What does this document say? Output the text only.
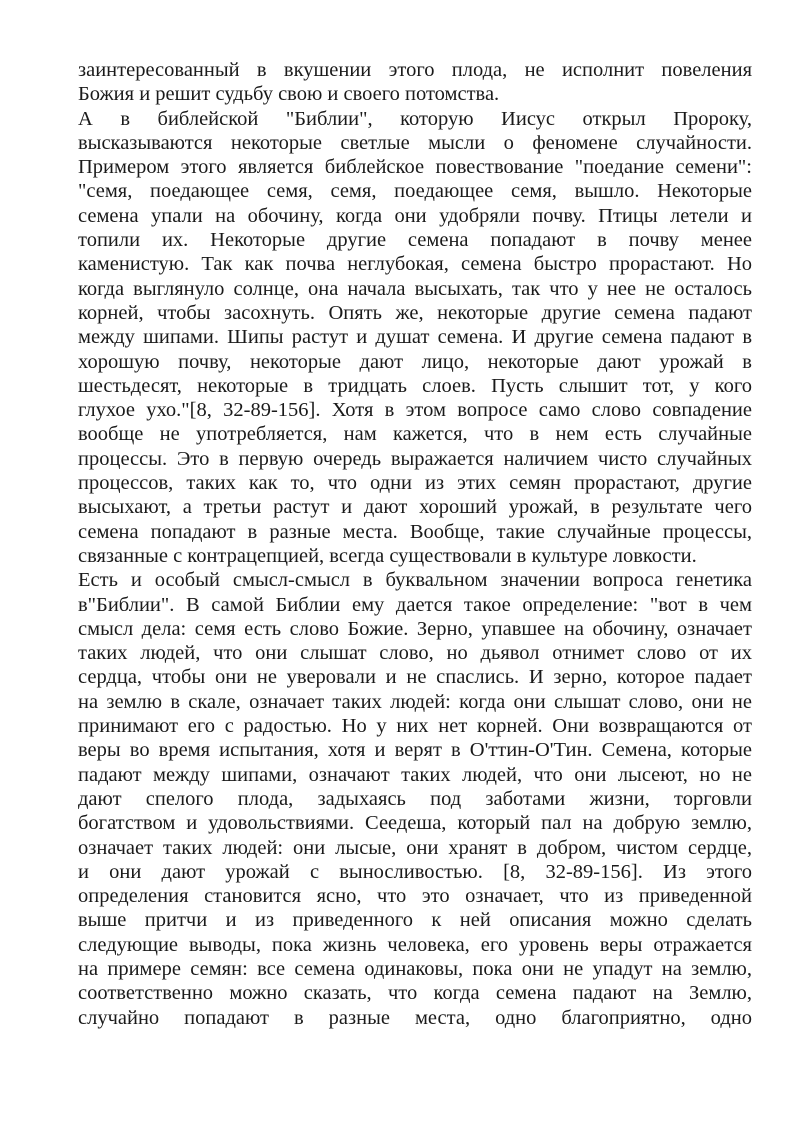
заинтересованный в вкушении этого плода, не исполнит повеления
Божия и решит судьбу свою и своего потомства.
А в библейской "Библии", которую Иисус открыл Пророку,
высказываются некоторые светлые мысли о феномене случайности.
Примером этого является библейское повествование "поедание семени":
"семя, поедающее семя, семя, поедающее семя, вышло. Некоторые
семена упали на обочину, когда они удобряли почву. Птицы летели и
топили их. Некоторые другие семена попадают в почву менее
каменистую. Так как почва неглубокая, семена быстро прорастают. Но
когда выглянуло солнце, она начала высыхать, так что у нее не осталось
корней, чтобы засохнуть. Опять же, некоторые другие семена падают
между шипами. Шипы растут и душат семена. И другие семена падают в
хорошую почву, некоторые дают лицо, некоторые дают урожай в
шестьдесят, некоторые в тридцать слоев. Пусть слышит тот, у кого
глухое ухо."[8, 32-89-156]. Хотя в этом вопросе само слово совпадение
вообще не употребляется, нам кажется, что в нем есть случайные
процессы. Это в первую очередь выражается наличием чисто случайных
процессов, таких как то, что одни из этих семян прорастают, другие
высыхают, а третьи растут и дают хороший урожай, в результате чего
семена попадают в разные места. Вообще, такие случайные процессы,
связанные с контрацепцией, всегда существовали в культуре ловкости.
Есть и особый смысл-смысл в буквальном значении вопроса генетика
в"Библии". В самой Библии ему дается такое определение: "вот в чем
смысл дела: семя есть слово Божие. Зерно, упавшее на обочину, означает
таких людей, что они слышат слово, но дьявол отнимет слово от их
сердца, чтобы они не уверовали и не спаслись. И зерно, которое падает
на землю в скале, означает таких людей: когда они слышат слово, они не
принимают его с радостью. Но у них нет корней. Они возвращаются от
веры во время испытания, хотя и верят в О'ттин-О'Тин. Семена, которые
падают между шипами, означают таких людей, что они лысеют, но не
дают спелого плода, задыхаясь под заботами жизни, торговли
богатством и удовольствиями. Сеедеша, который пал на добрую землю,
означает таких людей: они лысые, они хранят в добром, чистом сердце,
и они дают урожай с выносливостью. [8, 32-89-156]. Из этого
определения становится ясно, что это означает, что из приведенной
выше притчи и из приведенного к ней описания можно сделать
следующие выводы, пока жизнь человека, его уровень веры отражается
на примере семян: все семена одинаковы, пока они не упадут на землю,
соответственно можно сказать, что когда семена падают на Землю,
случайно попадают в разные места, одно благоприятно, одно
